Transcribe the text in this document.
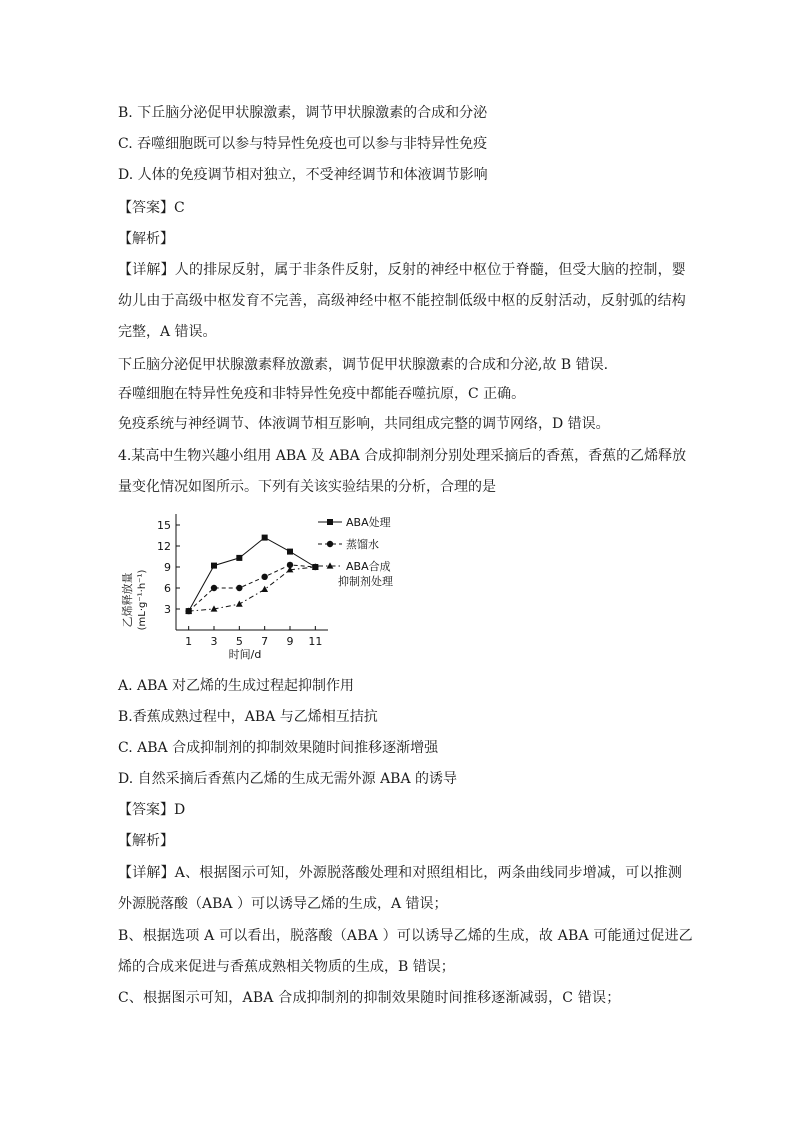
B. 下丘脑分泌促甲状腺激素，调节甲状腺激素的合成和分泌
C. 吞噬细胞既可以参与特异性免疫也可以参与非特异性免疫
D. 人体的免疫调节相对独立，不受神经调节和体液调节影响
【答案】C
【解析】
【详解】人的排尿反射，属于非条件反射，反射的神经中枢位于脊髓，但受大脑的控制，婴
幼儿由于高级中枢发育不完善，高级神经中枢不能控制低级中枢的反射活动，反射弧的结构
完整，A 错误。
下丘脑分泌促甲状腺激素释放激素，调节促甲状腺激素的合成和分泌,故 B 错误.
吞噬细胞在特异性免疫和非特异性免疫中都能吞噬抗原，C 正确。
免疫系统与神经调节、体液调节相互影响，共同组成完整的调节网络，D 错误。
4.某高中生物兴趣小组用 ABA 及 ABA 合成抑制剂分别处理采摘后的香蕉，香蕉的乙烯释放
量变化情况如图所示。下列有关该实验结果的分析，合理的是
3
6
9
12
15
1 3 5 7 9 11
ABA处理
蒸馏水
ABA合成
抑制剂处理
乙烯释放量 (mL·g⁻¹·h⁻¹)
时间/d
A. ABA 对乙烯的生成过程起抑制作用
B.香蕉成熟过程中，ABA 与乙烯相互拮抗
C. ABA 合成抑制剂的抑制效果随时间推移逐渐增强
D. 自然采摘后香蕉内乙烯的生成无需外源 ABA 的诱导
【答案】D
【解析】
【详解】A、根据图示可知，外源脱落酸处理和对照组相比，两条曲线同步增减，可以推测
外源脱落酸（ABA ）可以诱导乙烯的生成，A 错误；
B、根据选项 A 可以看出，脱落酸（ABA ）可以诱导乙烯的生成，故 ABA 可能通过促进乙
烯的合成来促进与香蕉成熟相关物质的生成，B 错误；
C、根据图示可知，ABA 合成抑制剂的抑制效果随时间推移逐渐减弱，C 错误；
